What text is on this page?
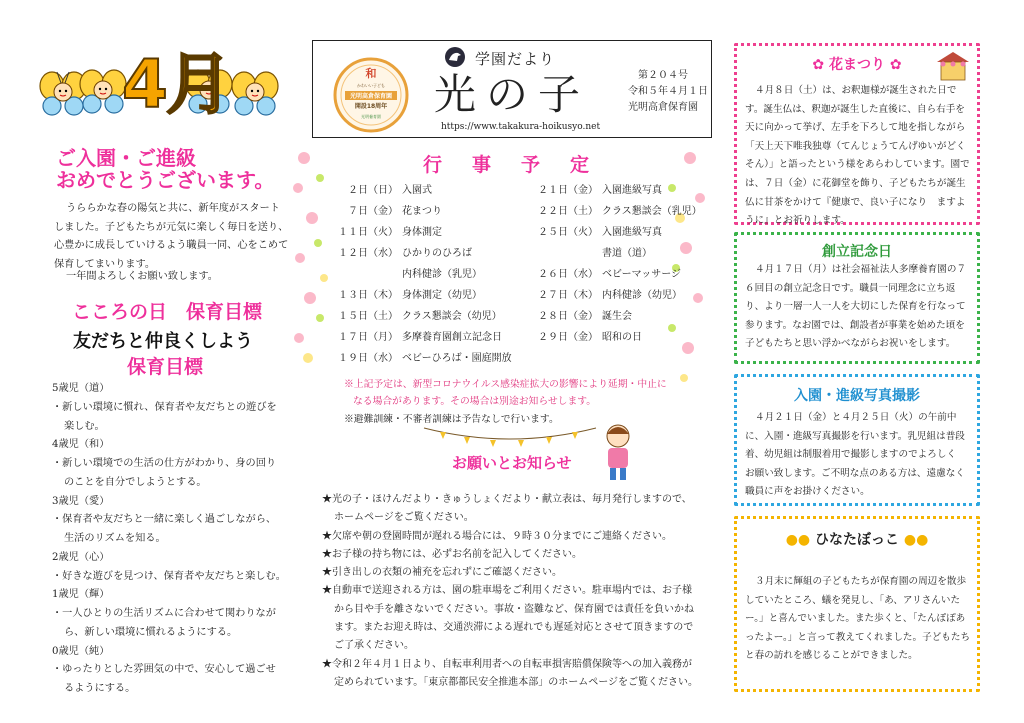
4月
ご入園・ご進級
おめでとうございます。
うららかな春の陽気と共に、新年度がスタートしました。子どもたちが元気に楽しく毎日を送り、心豊かに成長していけるよう職員一同、心をこめて保育してまいります。
一年間よろしくお願い致します。
こころの日　保育目標
友だちと仲良くしよう
保育目標
5歳児（道）
・新しい環境に慣れ、保育者や友だちとの遊びを
楽しむ。
4歳児（和）
・新しい環境での生活の仕方がわかり、身の回り
のことを自分でしようとする。
3歳児（愛）
・保育者や友だちと一緒に楽しく過ごしながら、
生活のリズムを知る。
2歳児（心）
・好きな遊びを見つけ、保育者や友だちと楽しむ。
1歳児（輝）
・一人ひとりの生活リズムに合わせて関わりなが
ら、新しい環境に慣れるようにする。
0歳児（純）
・ゆったりとした雰囲気の中で、安心して過ごせ
るようにする。
和
かわいい子ども
光明高倉保育園
開設18周年
光明養育園
学園だより
光の子
https://www.takakura-hoikusyo.net
第２０４号
令和５年４月１日
光明高倉保育園
行事予定
２日（日） 入園式
７日（金） 花まつり
１１日（火） 身体測定
１２日（水） ひかりのひろば
内科健診（乳児）
１３日（木） 身体測定（幼児）
１５日（土） クラス懇談会（幼児）
１７日（月） 多摩養育園創立記念日
１９日（水） ベビーひろば・園庭開放
２１日（金） 入園進級写真
２２日（土） クラス懇談会（乳児）
２５日（火） 入園進級写真
書道（道）
２６日（水） ベビーマッサージ
２７日（木） 内科健診（幼児）
２８日（金） 誕生会
２９日（金） 昭和の日
※上記予定は、新型コロナウイルス感染症拡大の影響により延期・中止に
なる場合があります。その場合は別途お知らせします。
※避難訓練・不審者訓練は予告なしで行います。
お願いとお知らせ
★光の子・ほけんだより・きゅうしょくだより・献立表は、毎月発行しますので、
ホームページをご覧ください。
★欠席や朝の登園時間が遅れる場合には、９時３０分までにご連絡ください。
★お子様の持ち物には、必ずお名前を記入してください。
★引き出しの衣類の補充を忘れずにご確認ください。
★自動車で送迎される方は、園の駐車場をご利用ください。駐車場内では、お子様
から目や手を離さないでください。事故・盗難など、保育園では責任を負いかね
ます。またお迎え時は、交通渋滞による遅れでも遅延対応とさせて頂きますので
ご了承ください。
★令和２年４月１日より、自転車利用者への自転車損害賠償保険等への加入義務が
定められています。「東京都都民安全推進本部」のホームページをご覧ください。
✿ 花まつり ✿
４月８日（土）は、お釈迦様が誕生された日です。誕生仏は、釈迦が誕生した直後に、自ら右手を天に向かって挙げ、左手を下ろして地を指しながら「天上天下唯我独尊（てんじょうてんげゆいがどくそん）」と語ったという様をあらわしています。園では、７日（金）に花御堂を飾り、子どもたちが誕生仏に甘茶をかけて『健康で、良い子になり　ますように』とお祈りします。
創立記念日
４月１７日（月）は社会福祉法人多摩養育園の７６回目の創立記念日です。職員一同理念に立ち返り、より一層一人一人を大切にした保育を行なって参ります。なお園では、創設者が事業を始めた頃を子どもたちと思い浮かべながらお祝いをします。
入園・進級写真撮影
４月２１日（金）と４月２５日（火）の午前中に、入園・進級写真撮影を行います。乳児組は普段着、幼児組は制服着用で撮影しますのでよろしく　お願い致します。ご不明な点のある方は、遠慮なく職員に声をお掛けください。
●● ひなたぼっこ ●●
３月末に輝組の子どもたちが保育園の周辺を散歩していたところ、蟻を発見し、「あ、アリさんいたー。」と喜んでいました。また歩くと、「たんぽぽあったよー。」と言って教えてくれました。子どもたちと春の訪れを感じることができました。
